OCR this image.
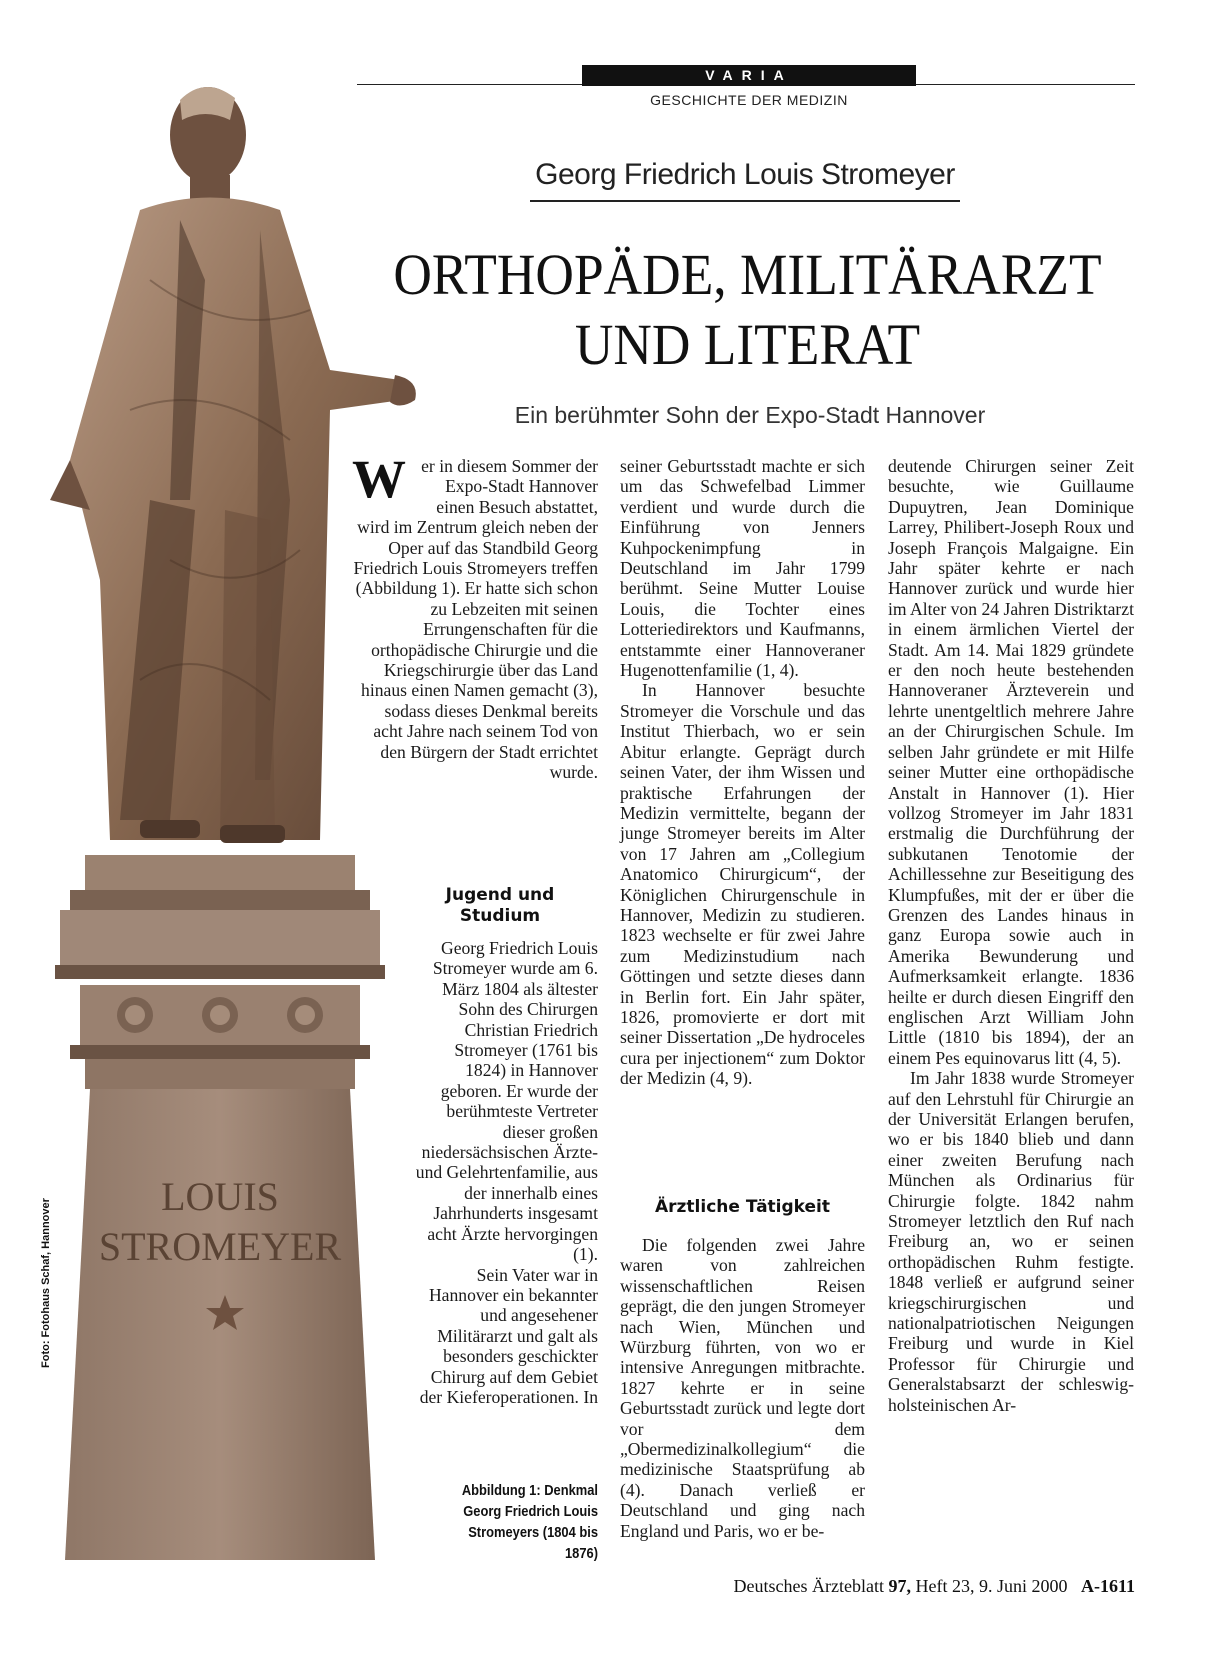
VARIA
GESCHICHTE DER MEDIZIN
LOUIS
STROMEYER
Foto: Fotohaus Schaf, Hannover
Georg Friedrich Louis Stromeyer
ORTHOPÄDE, MILITÄRARZT
UND LITERAT
Ein berühmter Sohn der Expo-Stadt Hannover

Wer in diesem Sommer der Expo-Stadt Hannover einen Besuch abstattet, wird im Zentrum gleich neben der Oper auf das Standbild Georg Friedrich Louis Stromeyers treffen (Abbildung 1). Er hatte sich schon zu Lebzeiten mit seinen Errungenschaften für die orthopädische Chirurgie und die Kriegschirurgie über das Land hinaus einen Namen gemacht (3), sodass dieses Denkmal bereits acht Jahre nach seinem Tod von den Bürgern der Stadt errichtet wurde.

Jugend und
Studium

Georg Friedrich Louis Stromeyer wurde am 6. März 1804 als ältester Sohn des Chirurgen Christian Friedrich Stromeyer (1761 bis 1824) in Hannover geboren. Er wurde der berühmteste Vertreter dieser großen niedersächsischen Ärzte- und Gelehrtenfamilie, aus der innerhalb eines Jahrhunderts insgesamt acht Ärzte hervorgingen (1).

Sein Vater war in Hannover ein bekannter und angesehener Militärarzt und galt als besonders geschickter Chirurg auf dem Gebiet der Kieferoperationen. In

seiner Geburtsstadt machte er sich um das Schwefelbad Limmer verdient und wurde durch die Einführung von Jenners Kuhpockenimpfung in Deutschland im Jahr 1799 berühmt. Seine Mutter Louise Louis, die Tochter eines Lotteriedirektors und Kaufmanns, entstammte einer Hannoveraner Hugenottenfamilie (1, 4).

In Hannover besuchte Stromeyer die Vorschule und das Institut Thierbach, wo er sein Abitur erlangte. Geprägt durch seinen Vater, der ihm Wissen und praktische Erfahrungen der Medizin vermittelte, begann der junge Stromeyer bereits im Alter von 17 Jahren am „Collegium Anatomico Chirurgicum“, der Königlichen Chirurgenschule in Hannover, Medizin zu studieren. 1823 wechselte er für zwei Jahre zum Medizinstudium nach Göttingen und setzte dieses dann in Berlin fort. Ein Jahr später, 1826, promovierte er dort mit seiner Dissertation „De hydroceles cura per injectionem“ zum Doktor der Medizin (4, 9).

Ärztliche Tätigkeit

Die folgenden zwei Jahre waren von zahlreichen wissenschaftlichen Reisen geprägt, die den jungen Stromeyer nach Wien, München und Würzburg führten, von wo er intensive Anregungen mitbrachte. 1827 kehrte er in seine Geburtsstadt zurück und legte dort vor dem „Obermedizinalkollegium“ die medizinische Staatsprüfung ab (4). Danach verließ er Deutschland und ging nach England und Paris, wo er be-

deutende Chirurgen seiner Zeit besuchte, wie Guillaume Dupuytren, Jean Dominique Larrey, Philibert-Joseph Roux und Joseph François Malgaigne. Ein Jahr später kehrte er nach Hannover zurück und wurde hier im Alter von 24 Jahren Distriktarzt in einem ärmlichen Viertel der Stadt. Am 14. Mai 1829 gründete er den noch heute bestehenden Hannoveraner Ärzteverein und lehrte unentgeltlich mehrere Jahre an der Chirurgischen Schule. Im selben Jahr gründete er mit Hilfe seiner Mutter eine orthopädische Anstalt in Hannover (1). Hier vollzog Stromeyer im Jahr 1831 erstmalig die Durchführung der subkutanen Tenotomie der Achillessehne zur Beseitigung des Klumpfußes, mit der er über die Grenzen des Landes hinaus in ganz Europa sowie auch in Amerika Bewunderung und Aufmerksamkeit erlangte. 1836 heilte er durch diesen Eingriff den englischen Arzt William John Little (1810 bis 1894), der an einem Pes equinovarus litt (4, 5).

Im Jahr 1838 wurde Stromeyer auf den Lehrstuhl für Chirurgie an der Universität Erlangen berufen, wo er bis 1840 blieb und dann einer zweiten Berufung nach München als Ordinarius für Chirurgie folgte. 1842 nahm Stromeyer letztlich den Ruf nach Freiburg an, wo er seinen orthopädischen Ruhm festigte. 1848 verließ er aufgrund seiner kriegschirurgischen und nationalpatriotischen Neigungen Freiburg und wurde in Kiel Professor für Chirurgie und Generalstabsarzt der schleswig-holsteinischen Ar-

Abbildung 1: Denkmal Georg Friedrich Louis Stromeyers (1804 bis 1876)
Deutsches Ärzteblatt 97, Heft 23, 9. Juni 2000 A-1611
